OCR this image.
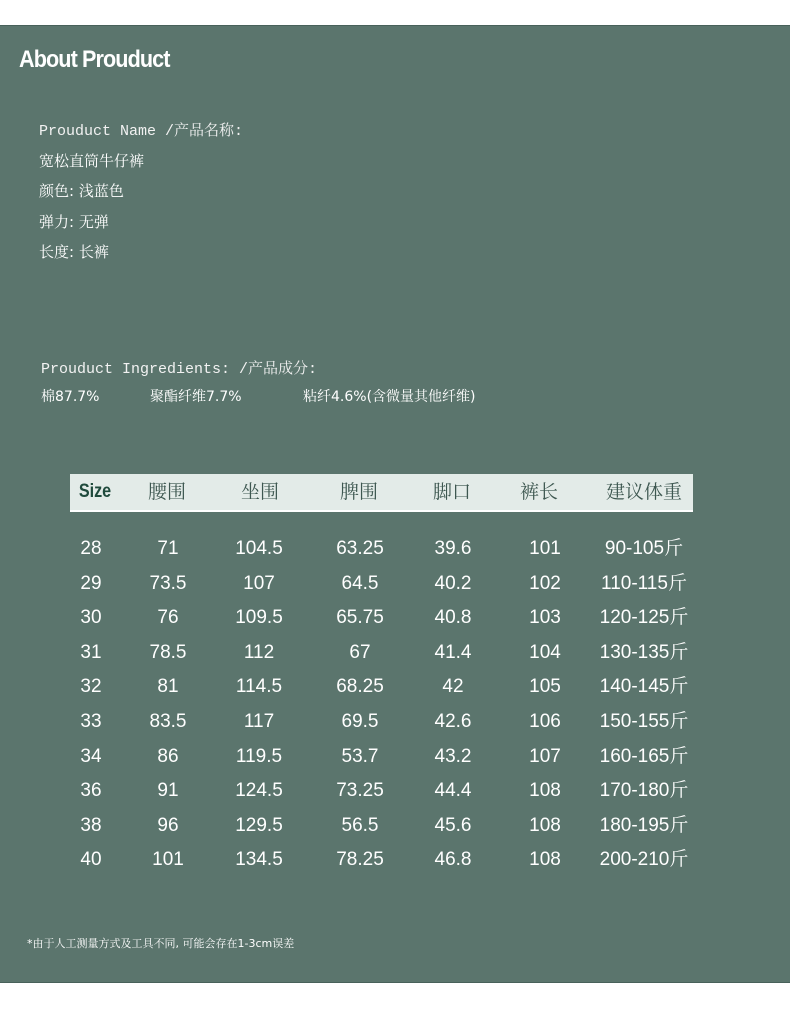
About Prouduct
Prouduct Name /产品名称:
宽松直筒牛仔裤
颜色: 浅蓝色
弹力: 无弹
长度: 长裤
Prouduct Ingredients: /产品成分:
棉87.7%	聚酯纤维7.7%	粘纤4.6%(含微量其他纤维)
Size	腰围	坐围	脾围	脚口	裤长	建议体重
28	71	104.5	63.25	39.6	101	90-105斤
29	73.5	107	64.5	40.2	102	110-115斤
30	76	109.5	65.75	40.8	103	120-125斤
31	78.5	112	67	41.4	104	130-135斤
32	81	114.5	68.25	42	105	140-145斤
33	83.5	117	69.5	42.6	106	150-155斤
34	86	119.5	53.7	43.2	107	160-165斤
36	91	124.5	73.25	44.4	108	170-180斤
38	96	129.5	56.5	45.6	108	180-195斤
40	101	134.5	78.25	46.8	108	200-210斤
*由于人工测量方式及工具不同, 可能会存在1-3cm误差
